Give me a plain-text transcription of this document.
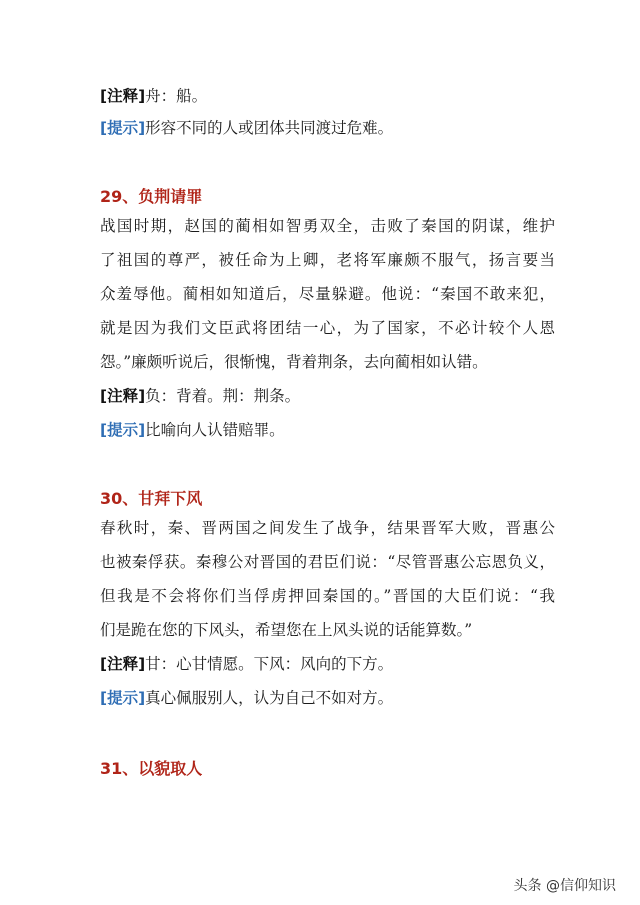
[注释]舟：船。
[提示]形容不同的人或团体共同渡过危难。
29、负荆请罪
战国时期，赵国的蔺相如智勇双全，击败了秦国的阴谋，维护
了祖国的尊严，被任命为上卿，老将军廉颇不服气，扬言要当
众羞辱他。蔺相如知道后，尽量躲避。他说：“秦国不敢来犯，
就是因为我们文臣武将团结一心，为了国家，不必计较个人恩
怨。”廉颇听说后，很惭愧，背着荆条，去向蔺相如认错。
[注释]负：背着。荆：荆条。
[提示]比喻向人认错赔罪。
30、甘拜下风
春秋时，秦、晋两国之间发生了战争，结果晋军大败，晋惠公
也被秦俘获。秦穆公对晋国的君臣们说：“尽管晋惠公忘恩负义，
但我是不会将你们当俘虏押回秦国的。”晋国的大臣们说：“我
们是跪在您的下风头，希望您在上风头说的话能算数。”
[注释]甘：心甘情愿。下风：风向的下方。
[提示]真心佩服别人，认为自己不如对方。
31、以貌取人
头条 @信仰知识
